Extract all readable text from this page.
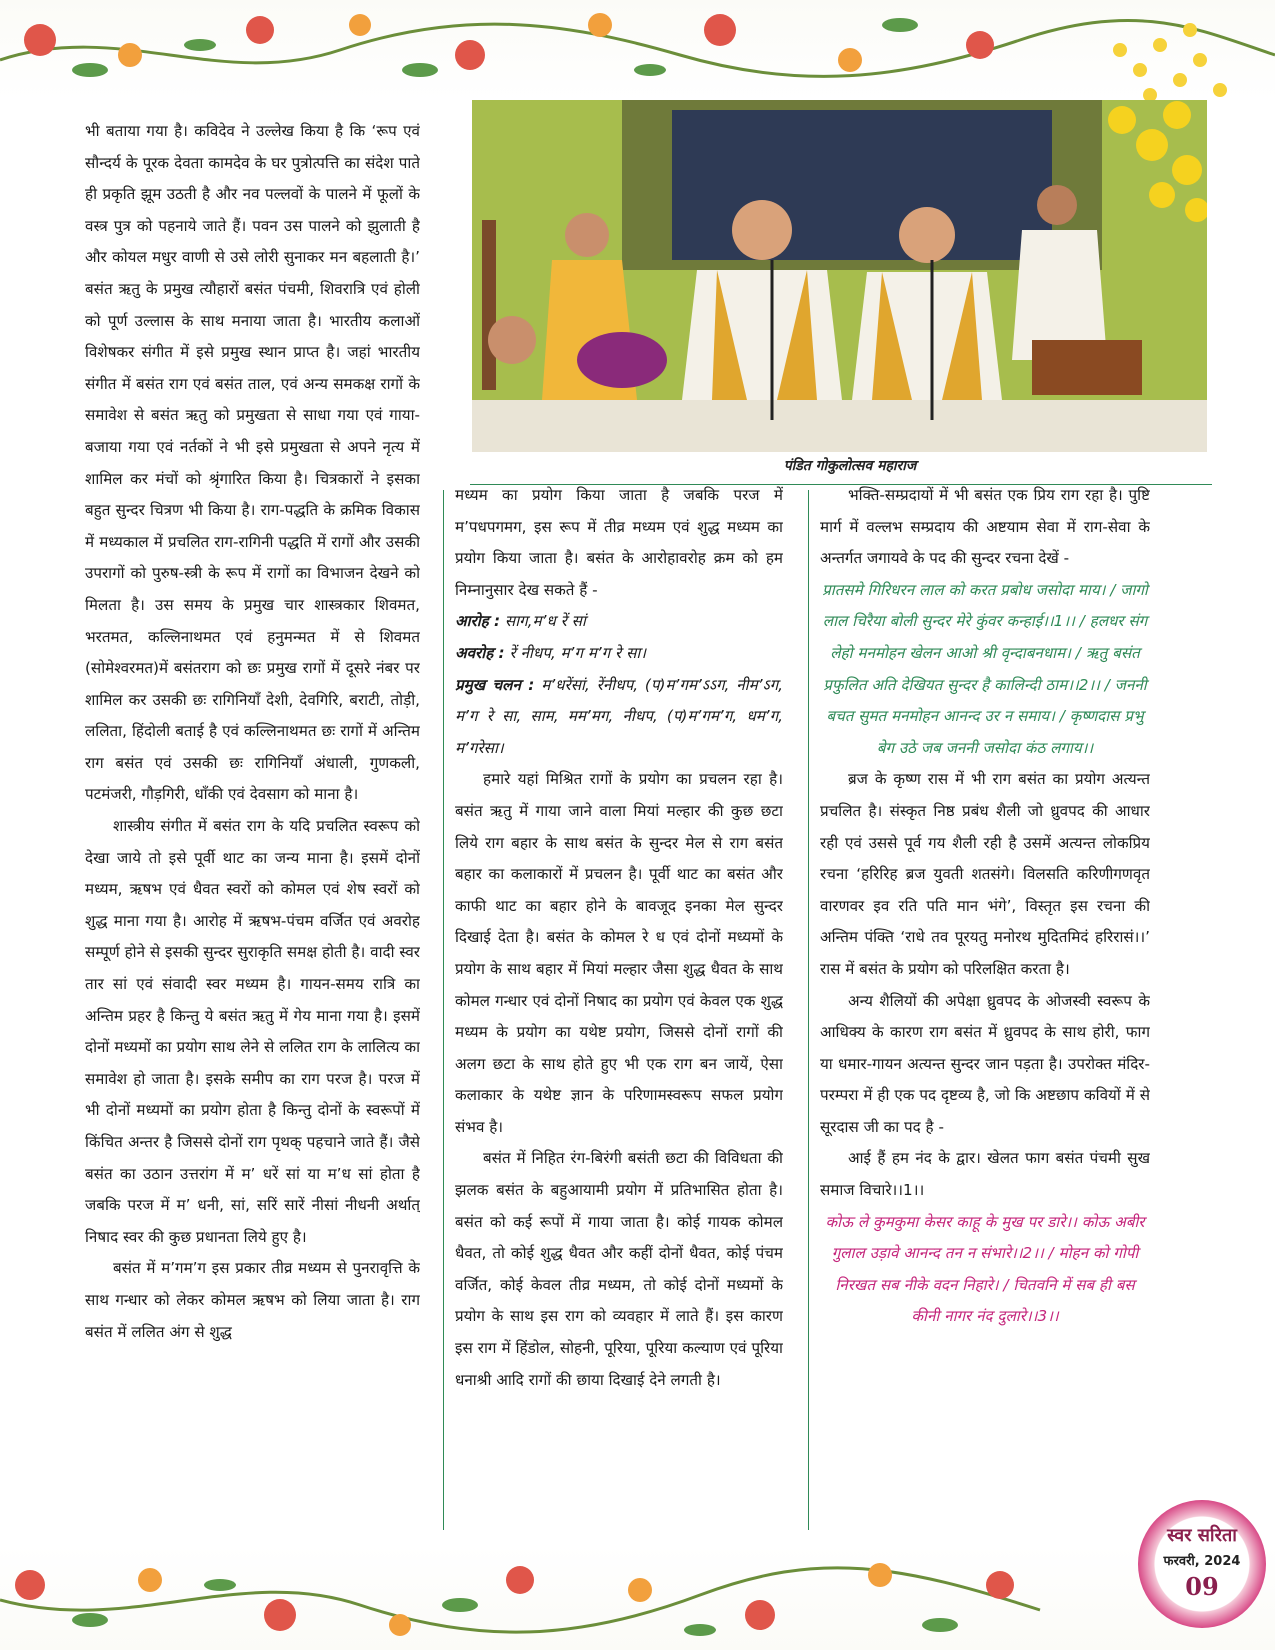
पंडित गोकुलोत्सव महाराज

भी बताया गया है। कविदेव ने उल्लेख किया है कि ‘रूप एवं सौन्दर्य के पूरक देवता कामदेव के घर पुत्रोत्पत्ति का संदेश पाते ही प्रकृति झूम उठती है और नव पल्लवों के पालने में फूलों के वस्त्र पुत्र को पहनाये जाते हैं। पवन उस पालने को झुलाती है और कोयल मधुर वाणी से उसे लोरी सुनाकर मन बहलाती है।’ बसंत ऋतु के प्रमुख त्यौहारों बसंत पंचमी, शिवरात्रि एवं होली को पूर्ण उल्लास के साथ मनाया जाता है। भारतीय कलाओं विशेषकर संगीत में इसे प्रमुख स्थान प्राप्त है। जहां भारतीय संगीत में बसंत राग एवं बसंत ताल, एवं अन्य समकक्ष रागों के समावेश से बसंत ऋतु को प्रमुखता से साधा गया एवं गाया-बजाया गया एवं नर्तकों ने भी इसे प्रमुखता से अपने नृत्य में शामिल कर मंचों को श्रृंगारित किया है। चित्रकारों ने इसका बहुत सुन्दर चित्रण भी किया है। राग-पद्धति के क्रमिक विकास में मध्यकाल में प्रचलित राग-रागिनी पद्धति में रागों और उसकी उपरागों को पुरुष-स्त्री के रूप में रागों का विभाजन देखने को मिलता है। उस समय के प्रमुख चार शास्त्रकार शिवमत, भरतमत, कल्लिनाथमत एवं हनुमन्मत में से शिवमत (सोमेश्वरमत)में बसंतराग को छः प्रमुख रागों में दूसरे नंबर पर शामिल कर उसकी छः रागिनियाँ देशी, देवगिरि, बराटी, तोड़ी, ललिता, हिंदोली बताई है एवं कल्लिनाथमत छः रागों में अन्तिम राग बसंत एवं उसकी छः रागिनियाँ अंधाली, गुणकली, पटमंजरी, गौड़गिरी, धाँकी एवं देवसाग को माना है।

शास्त्रीय संगीत में बसंत राग के यदि प्रचलित स्वरूप को देखा जाये तो इसे पूर्वी थाट का जन्य माना है। इसमें दोनों मध्यम, ऋषभ एवं धैवत स्वरों को कोमल एवं शेष स्वरों को शुद्ध माना गया है। आरोह में ऋषभ-पंचम वर्जित एवं अवरोह सम्पूर्ण होने से इसकी सुन्दर सुराकृति समक्ष होती है। वादी स्वर तार सां एवं संवादी स्वर मध्यम है। गायन-समय रात्रि का अन्तिम प्रहर है किन्तु ये बसंत ऋतु में गेय माना गया है। इसमें दोनों मध्यमों का प्रयोग साथ लेने से ललित राग के लालित्य का समावेश हो जाता है। इसके समीप का राग परज है। परज में भी दोनों मध्यमों का प्रयोग होता है किन्तु दोनों के स्वरूपों में किंचित अन्तर है जिससे दोनों राग पृथक् पहचाने जाते हैं। जैसे बसंत का उठान उत्तरांग में म’ धरें सां या म’ध सां होता है जबकि परज में म’ धनी, सां, सरिं सारें नीसां नीधनी अर्थात् निषाद स्वर की कुछ प्रधानता लिये हुए है।

बसंत में म’गम’ग इस प्रकार तीव्र मध्यम से पुनरावृत्ति के साथ गन्धार को लेकर कोमल ऋषभ को लिया जाता है। राग बसंत में ललित अंग से शुद्ध

मध्यम का प्रयोग किया जाता है जबकि परज में म’पधपगमग, इस रूप में तीव्र मध्यम एवं शुद्ध मध्यम का प्रयोग किया जाता है। बसंत के आरोहावरोह क्रम को हम निम्नानुसार देख सकते हैं -

आरोह : साग,म’ध रें सां

अवरोह : रें नीधप, म’ग म’ग रे सा।

प्रमुख चलन : म’धरेंसां, रेंनीधप, (प)म’गम’ऽऽग, नीम’ऽग, म’ग रे सा, साम, मम’मग, नीधप, (प)म’गम’ग, धम’ग, म’गरेसा।

हमारे यहां मिश्रित रागों के प्रयोग का प्रचलन रहा है। बसंत ऋतु में गाया जाने वाला मियां मल्हार की कुछ छटा लिये राग बहार के साथ बसंत के सुन्दर मेल से राग बसंत बहार का कलाकारों में प्रचलन है। पूर्वी थाट का बसंत और काफी थाट का बहार होने के बावजूद इनका मेल सुन्दर दिखाई देता है। बसंत के कोमल रे ध एवं दोनों मध्यमों के प्रयोग के साथ बहार में मियां मल्हार जैसा शुद्ध धैवत के साथ कोमल गन्धार एवं दोनों निषाद का प्रयोग एवं केवल एक शुद्ध मध्यम के प्रयोग का यथेष्ट प्रयोग, जिससे दोनों रागों की अलग छटा के साथ होते हुए भी एक राग बन जायें, ऐसा कलाकार के यथेष्ट ज्ञान के परिणामस्वरूप सफल प्रयोग संभव है।

बसंत में निहित रंग-बिरंगी बसंती छटा की विविधता की झलक बसंत के बहुआयामी प्रयोग में प्रतिभासित होता है। बसंत को कई रूपों में गाया जाता है। कोई गायक कोमल धैवत, तो कोई शुद्ध धैवत और कहीं दोनों धैवत, कोई पंचम वर्जित, कोई केवल तीव्र मध्यम, तो कोई दोनों मध्यमों के प्रयोग के साथ इस राग को व्यवहार में लाते हैं। इस कारण इस राग में हिंडोल, सोहनी, पूरिया, पूरिया कल्याण एवं पूरिया धनाश्री आदि रागों की छाया दिखाई देने लगती है।

भक्ति-सम्प्रदायों में भी बसंत एक प्रिय राग रहा है। पुष्टि मार्ग में वल्लभ सम्प्रदाय की अष्टयाम सेवा में राग-सेवा के अन्तर्गत जगायवे के पद की सुन्दर रचना देखें -

प्रातसमे गिरिधरन लाल को करत प्रबोध जसोदा माय। / जागो लाल चिरैया बोली सुन्दर मेरे कुंवर कन्हाई।।1।। / हलधर संग लेहो मनमोहन खेलन आओ श्री वृन्दाबनधाम। / ऋतु बसंत प्रफुलित अति देखियत सुन्दर है कालिन्दी ठाम।।2।। / जननी बचत सुमत मनमोहन आनन्द उर न समाय। / कृष्णदास प्रभु बेग उठे जब जननी जसोदा कंठ लगाय।।

ब्रज के कृष्ण रास में भी राग बसंत का प्रयोग अत्यन्त प्रचलित है। संस्कृत निष्ठ प्रबंध शैली जो ध्रुवपद की आधार रही एवं उससे पूर्व गय शैली रही है उसमें अत्यन्त लोकप्रिय रचना ‘हरिरिह ब्रज युवती शतसंगे। विलसति करिणीगणवृत वारणवर इव रति पति मान भंगे’, विस्तृत इस रचना की अन्तिम पंक्ति ‘राधे तव पूरयतु मनोरथ मुदितमिदं हरिरासं।।’ रास में बसंत के प्रयोग को परिलक्षित करता है।

अन्य शैलियों की अपेक्षा ध्रुवपद के ओजस्वी स्वरूप के आधिक्य के कारण राग बसंत में ध्रुवपद के साथ होरी, फाग या धमार-गायन अत्यन्त सुन्दर जान पड़ता है। उपरोक्त मंदिर-परम्परा में ही एक पद दृष्टव्य है, जो कि अष्टछाप कवियों में से सूरदास जी का पद है -

आई हैं हम नंद के द्वार। खेलत फाग बसंत पंचमी सुख समाज विचारे।।1।।

कोऊ ले कुमकुमा केसर काहू के मुख पर डारे।। कोऊ अबीर गुलाल उड़ावे आनन्द तन न संभारे।।2।। / मोहन को गोपी निरखत सब नीके वदन निहारे। / चितवनि में सब ही बस कीनी नागर नंद दुलारे।।3।।

स्वर सरिता
फरवरी, 2024
09
